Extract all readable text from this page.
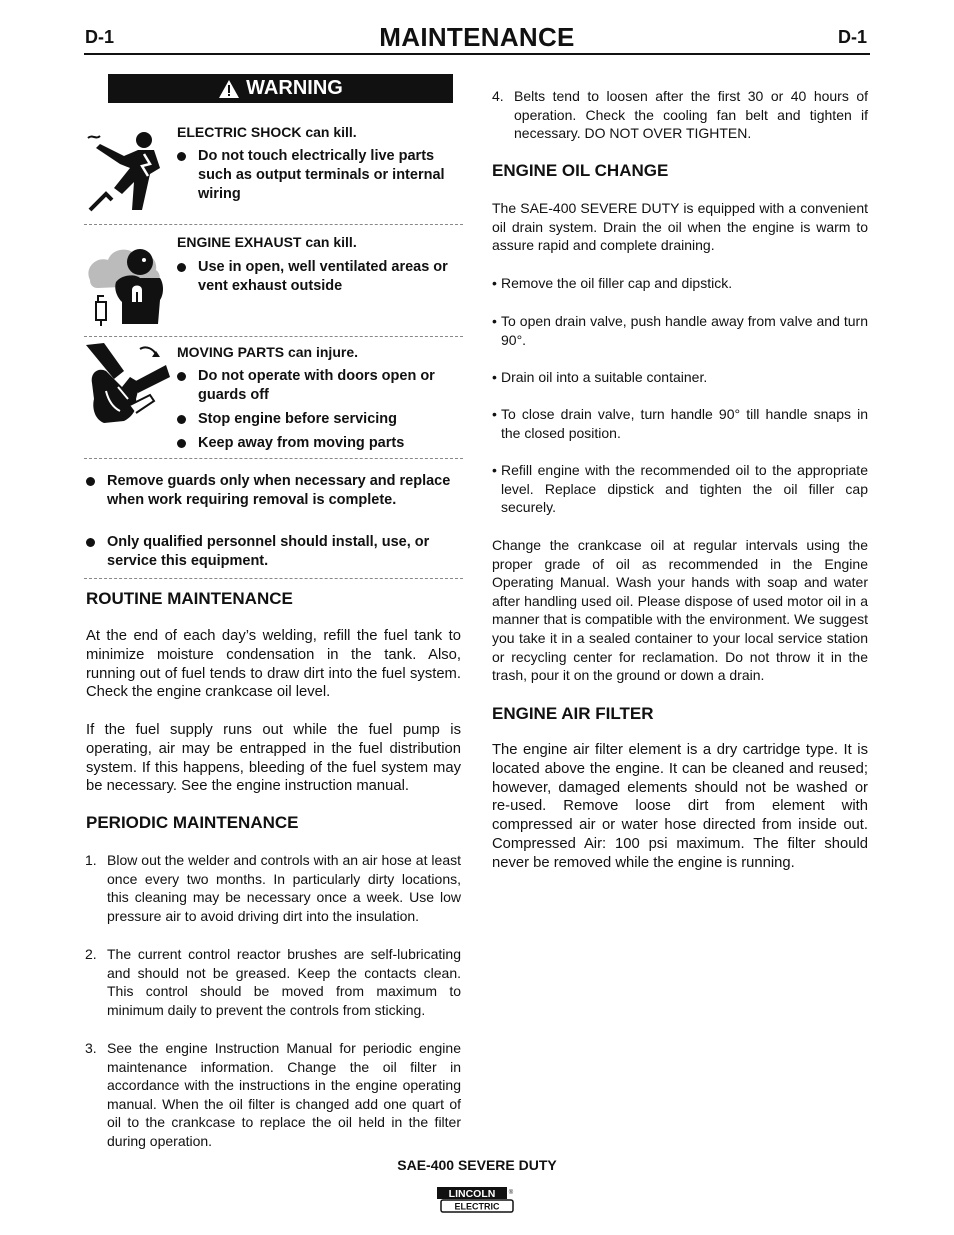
D-1	MAINTENANCE	D-1
WARNING
ELECTRIC SHOCK can kill.
Do not touch electrically live parts such as output terminals or internal wiring
ENGINE EXHAUST can kill.
Use in open, well ventilated areas or vent exhaust outside
MOVING PARTS can injure.
Do not operate with doors open or guards off
Stop engine before servicing
Keep away from moving parts
Remove guards only when necessary and replace when work requiring removal is complete.
Only qualified personnel should install, use, or service this equipment.
ROUTINE MAINTENANCE
At the end of each day’s welding, refill the fuel tank to minimize moisture condensation in the tank. Also, running out of fuel tends to draw dirt into the fuel system. Check the engine crankcase oil level.
If the fuel supply runs out while the fuel pump is operating, air may be entrapped in the fuel distribution system. If this happens, bleeding of the fuel system may be necessary. See the engine instruction manual.
PERIODIC MAINTENANCE
1. Blow out the welder and controls with an air hose at least once every two months. In particularly dirty locations, this cleaning may be necessary once a week. Use low pressure air to avoid driving dirt into the insulation.
2. The current control reactor brushes are self-lubricating and should not be greased. Keep the contacts clean. This control should be moved from maximum to minimum daily to prevent the controls from sticking.
3. See the engine Instruction Manual for periodic engine maintenance information. Change the oil filter in accordance with the instructions in the engine operating manual. When the oil filter is changed add one quart of oil to the crankcase to replace the oil held in the filter during operation.
4. Belts tend to loosen after the first 30 or 40 hours of operation. Check the cooling fan belt and tighten if necessary. DO NOT OVER TIGHTEN.
ENGINE OIL CHANGE
The SAE-400 SEVERE DUTY is equipped with a convenient oil drain system. Drain the oil when the engine is warm to assure rapid and complete draining.
• Remove the oil filler cap and dipstick.
• To open drain valve, push handle away from valve and turn 90°.
• Drain oil into a suitable container.
• To close drain valve, turn handle 90° till handle snaps in the closed position.
• Refill engine with the recommended oil to the appropriate level. Replace dipstick and tighten the oil filler cap securely.
Change the crankcase oil at regular intervals using the proper grade of oil as recommended in the Engine Operating Manual. Wash your hands with soap and water after handling used oil. Please dispose of used motor oil in a manner that is compatible with the environment. We suggest you take it in a sealed container to your local service station or recycling center for reclamation. Do not throw it in the trash, pour it on the ground or down a drain.
ENGINE AIR FILTER
The engine air filter element is a dry cartridge type. It is located above the engine. It can be cleaned and reused; however, damaged elements should not be washed or re-used. Remove loose dirt from element with compressed air or water hose directed from inside out. Compressed Air: 100 psi maximum. The filter should never be removed while the engine is running.
SAE-400 SEVERE DUTY
LINCOLN ®
ELECTRIC
